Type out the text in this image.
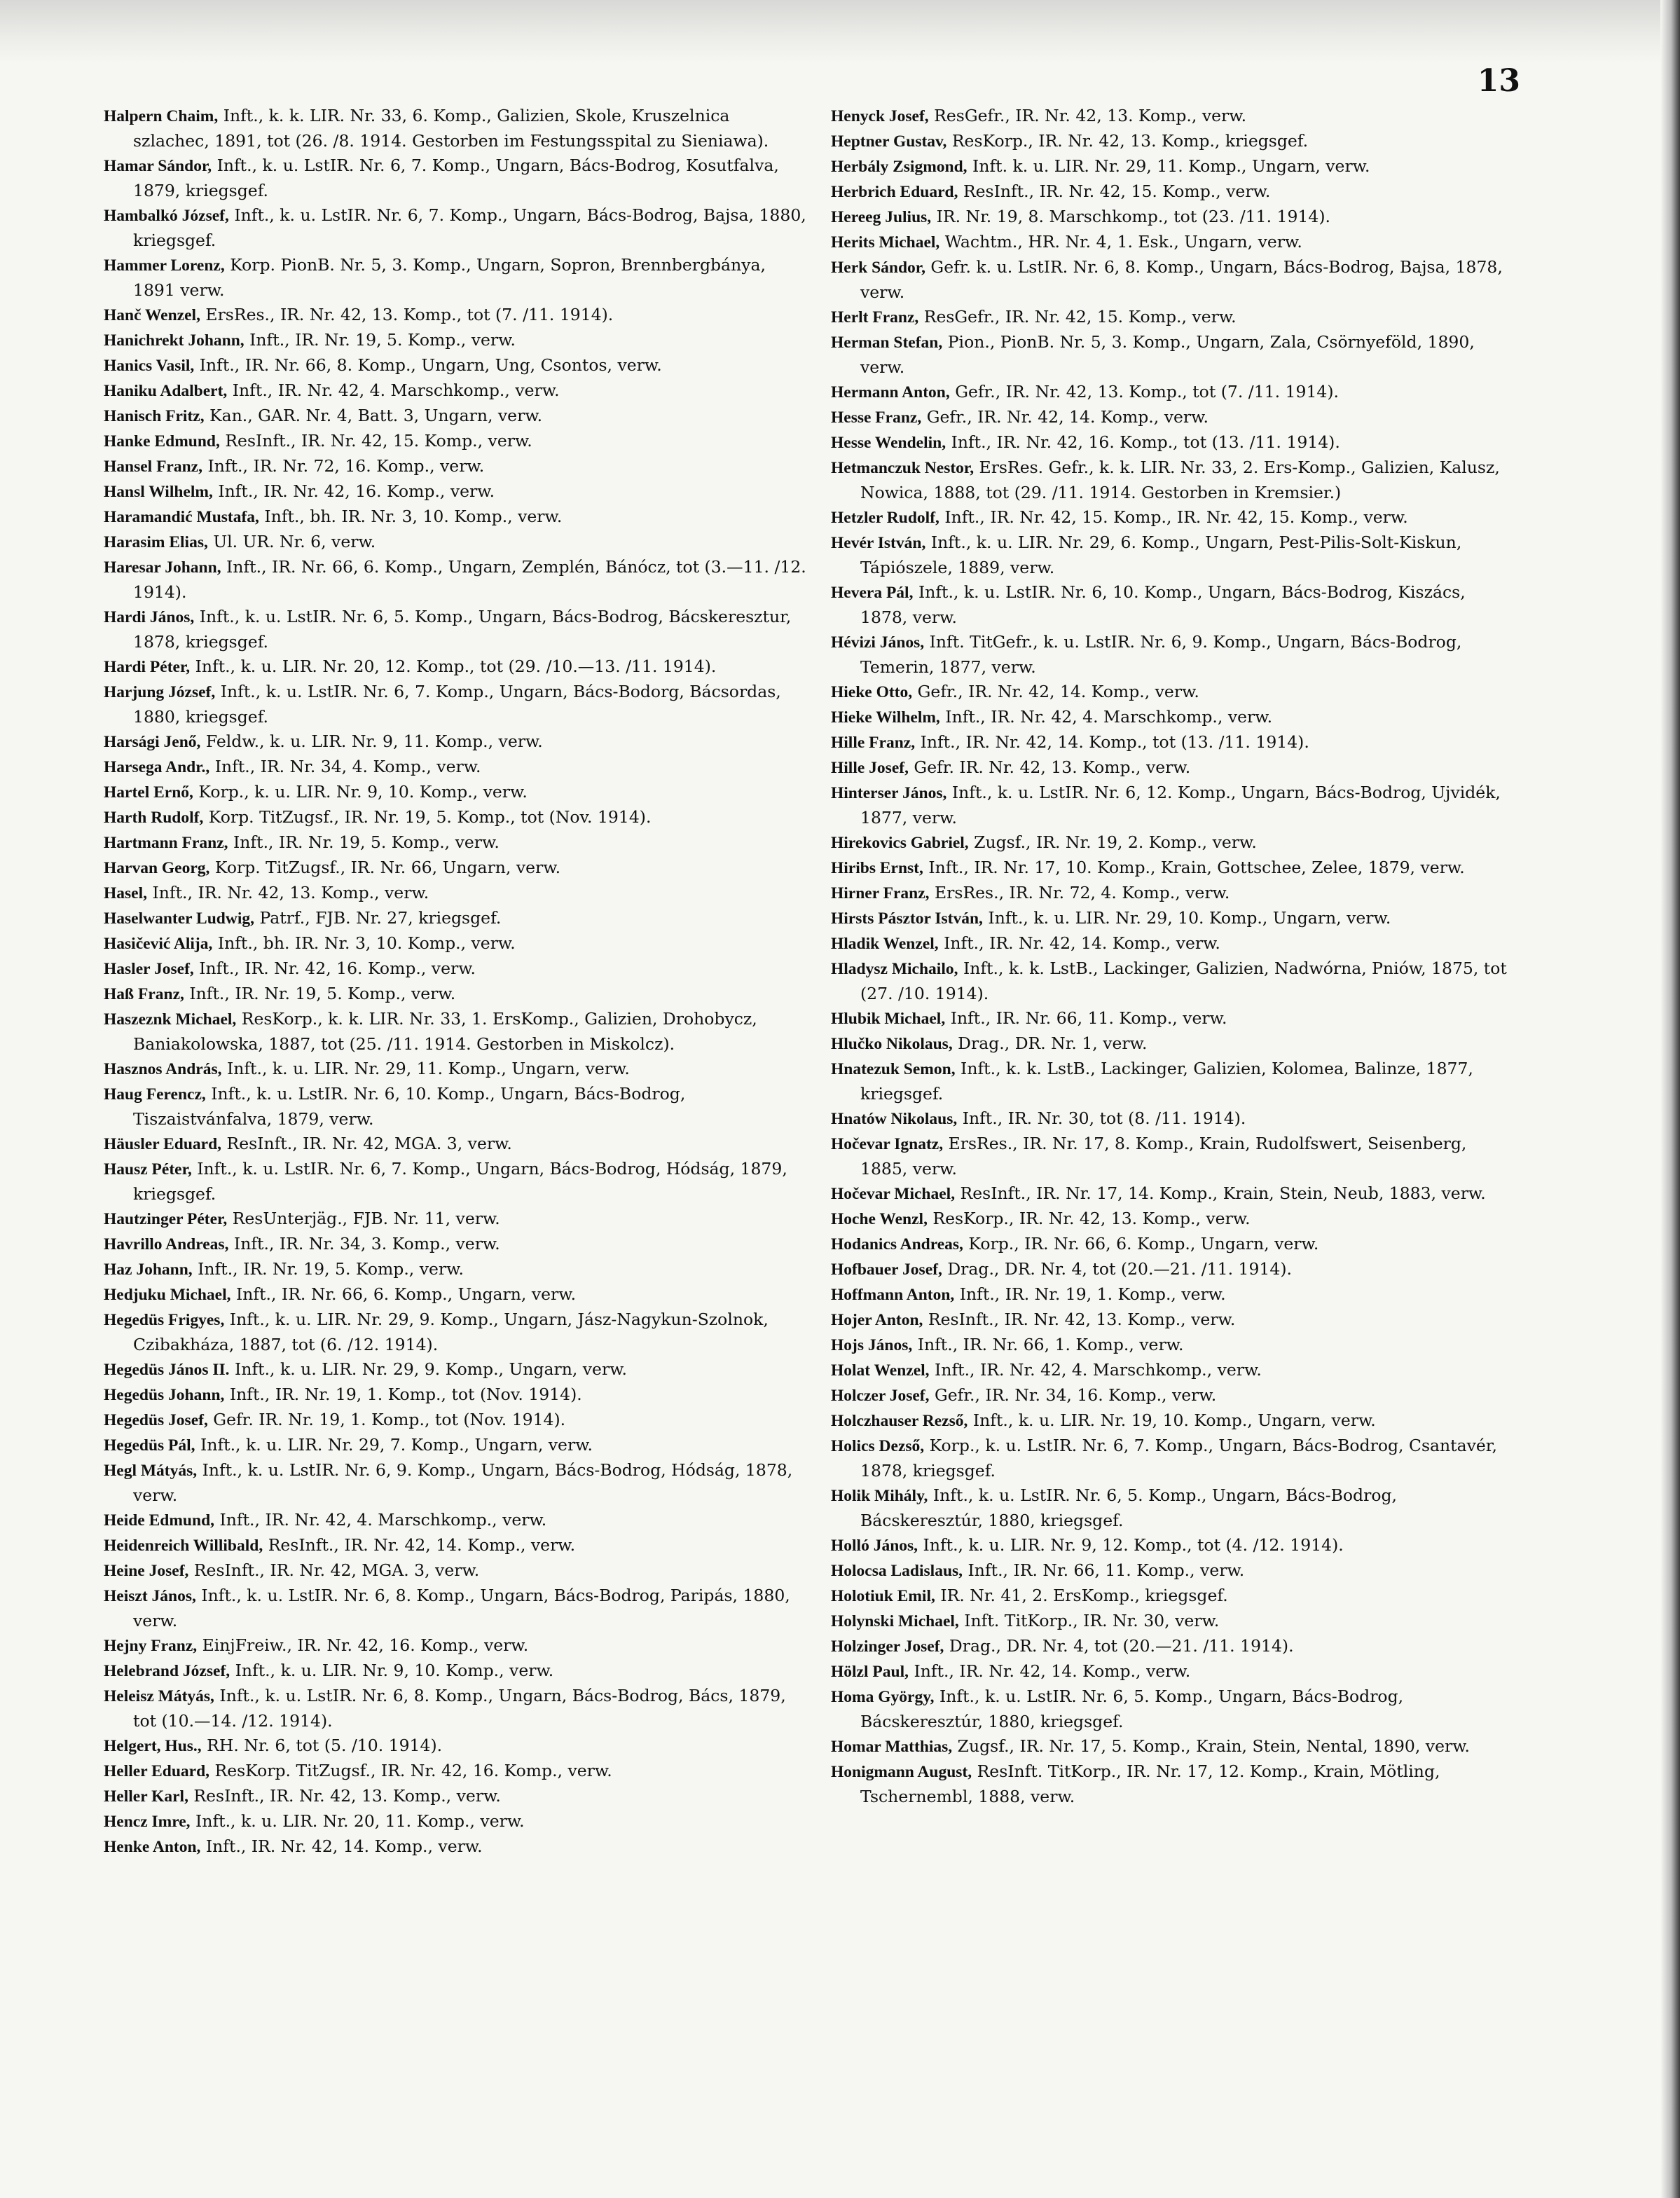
13
Halpern Chaim, Inft., k. k. LIR. Nr. 33, 6. Komp., Galizien, Skole, Kruszelnica szlachec, 1891, tot (26. /8. 1914. Gestorben im Festungsspital zu Sieniawa).
Hamar Sándor, Inft., k. u. LstIR. Nr. 6, 7. Komp., Ungarn, Bács-Bodrog, Kosutfalva, 1879, kriegsgef.
Hambalkó József, Inft., k. u. LstIR. Nr. 6, 7. Komp., Ungarn, Bács-Bodrog, Bajsa, 1880, kriegsgef.
Hammer Lorenz, Korp. PionB. Nr. 5, 3. Komp., Ungarn, Sopron, Brennbergbánya, 1891 verw.
Hanč Wenzel, ErsRes., IR. Nr. 42, 13. Komp., tot (7. /11. 1914).
Hanichrekt Johann, Inft., IR. Nr. 19, 5. Komp., verw.
Hanics Vasil, Inft., IR. Nr. 66, 8. Komp., Ungarn, Ung, Csontos, verw.
Haniku Adalbert, Inft., IR. Nr. 42, 4. Marschkomp., verw.
Hanisch Fritz, Kan., GAR. Nr. 4, Batt. 3, Ungarn, verw.
Hanke Edmund, ResInft., IR. Nr. 42, 15. Komp., verw.
Hansel Franz, Inft., IR. Nr. 72, 16. Komp., verw.
Hansl Wilhelm, Inft., IR. Nr. 42, 16. Komp., verw.
Haramandić Mustafa, Inft., bh. IR. Nr. 3, 10. Komp., verw.
Harasim Elias, Ul. UR. Nr. 6, verw.
Haresar Johann, Inft., IR. Nr. 66, 6. Komp., Ungarn, Zemplén, Bánócz, tot (3.—11. /12. 1914).
Hardi János, Inft., k. u. LstIR. Nr. 6, 5. Komp., Ungarn, Bács-Bodrog, Bácskeresztur, 1878, kriegsgef.
Hardi Péter, Inft., k. u. LIR. Nr. 20, 12. Komp., tot (29. /10.—13. /11. 1914).
Harjung József, Inft., k. u. LstIR. Nr. 6, 7. Komp., Ungarn, Bács-Bodorg, Bácsordas, 1880, kriegsgef.
Harsági Jenő, Feldw., k. u. LIR. Nr. 9, 11. Komp., verw.
Harsega Andr., Inft., IR. Nr. 34, 4. Komp., verw.
Hartel Ernő, Korp., k. u. LIR. Nr. 9, 10. Komp., verw.
Harth Rudolf, Korp. TitZugsf., IR. Nr. 19, 5. Komp., tot (Nov. 1914).
Hartmann Franz, Inft., IR. Nr. 19, 5. Komp., verw.
Harvan Georg, Korp. TitZugsf., IR. Nr. 66, Ungarn, verw.
Hasel, Inft., IR. Nr. 42, 13. Komp., verw.
Haselwanter Ludwig, Patrf., FJB. Nr. 27, kriegsgef.
Hasičević Alija, Inft., bh. IR. Nr. 3, 10. Komp., verw.
Hasler Josef, Inft., IR. Nr. 42, 16. Komp., verw.
Haß Franz, Inft., IR. Nr. 19, 5. Komp., verw.
Haszeznk Michael, ResKorp., k. k. LIR. Nr. 33, 1. ErsKomp., Galizien, Drohobycz, Baniakolowska, 1887, tot (25. /11. 1914. Gestorben in Miskolcz).
Hasznos András, Inft., k. u. LIR. Nr. 29, 11. Komp., Ungarn, verw.
Haug Ferencz, Inft., k. u. LstIR. Nr. 6, 10. Komp., Ungarn, Bács-Bodrog, Tiszaistvánfalva, 1879, verw.
Häusler Eduard, ResInft., IR. Nr. 42, MGA. 3, verw.
Hausz Péter, Inft., k. u. LstIR. Nr. 6, 7. Komp., Ungarn, Bács-Bodrog, Hódság, 1879, kriegsgef.
Hautzinger Péter, ResUnterjäg., FJB. Nr. 11, verw.
Havrillo Andreas, Inft., IR. Nr. 34, 3. Komp., verw.
Haz Johann, Inft., IR. Nr. 19, 5. Komp., verw.
Hedjuku Michael, Inft., IR. Nr. 66, 6. Komp., Ungarn, verw.
Hegedüs Frigyes, Inft., k. u. LIR. Nr. 29, 9. Komp., Ungarn, Jász-Nagykun-Szolnok, Czibakháza, 1887, tot (6. /12. 1914).
Hegedüs János II. Inft., k. u. LIR. Nr. 29, 9. Komp., Ungarn, verw.
Hegedüs Johann, Inft., IR. Nr. 19, 1. Komp., tot (Nov. 1914).
Hegedüs Josef, Gefr. IR. Nr. 19, 1. Komp., tot (Nov. 1914).
Hegedüs Pál, Inft., k. u. LIR. Nr. 29, 7. Komp., Ungarn, verw.
Hegl Mátyás, Inft., k. u. LstIR. Nr. 6, 9. Komp., Ungarn, Bács-Bodrog, Hódság, 1878, verw.
Heide Edmund, Inft., IR. Nr. 42, 4. Marschkomp., verw.
Heidenreich Willibald, ResInft., IR. Nr. 42, 14. Komp., verw.
Heine Josef, ResInft., IR. Nr. 42, MGA. 3, verw.
Heiszt János, Inft., k. u. LstIR. Nr. 6, 8. Komp., Ungarn, Bács-Bodrog, Paripás, 1880, verw.
Hejny Franz, EinjFreiw., IR. Nr. 42, 16. Komp., verw.
Helebrand József, Inft., k. u. LIR. Nr. 9, 10. Komp., verw.
Heleisz Mátyás, Inft., k. u. LstIR. Nr. 6, 8. Komp., Ungarn, Bács-Bodrog, Bács, 1879, tot (10.—14. /12. 1914).
Helgert, Hus., RH. Nr. 6, tot (5. /10. 1914).
Heller Eduard, ResKorp. TitZugsf., IR. Nr. 42, 16. Komp., verw.
Heller Karl, ResInft., IR. Nr. 42, 13. Komp., verw.
Hencz Imre, Inft., k. u. LIR. Nr. 20, 11. Komp., verw.
Henke Anton, Inft., IR. Nr. 42, 14. Komp., verw.
Henyck Josef, ResGefr., IR. Nr. 42, 13. Komp., verw.
Heptner Gustav, ResKorp., IR. Nr. 42, 13. Komp., kriegsgef.
Herbály Zsigmond, Inft. k. u. LIR. Nr. 29, 11. Komp., Ungarn, verw.
Herbrich Eduard, ResInft., IR. Nr. 42, 15. Komp., verw.
Hereeg Julius, IR. Nr. 19, 8. Marschkomp., tot (23. /11. 1914).
Herits Michael, Wachtm., HR. Nr. 4, 1. Esk., Ungarn, verw.
Herk Sándor, Gefr. k. u. LstIR. Nr. 6, 8. Komp., Ungarn, Bács-Bodrog, Bajsa, 1878, verw.
Herlt Franz, ResGefr., IR. Nr. 42, 15. Komp., verw.
Herman Stefan, Pion., PionB. Nr. 5, 3. Komp., Ungarn, Zala, Csörnyeföld, 1890, verw.
Hermann Anton, Gefr., IR. Nr. 42, 13. Komp., tot (7. /11. 1914).
Hesse Franz, Gefr., IR. Nr. 42, 14. Komp., verw.
Hesse Wendelin, Inft., IR. Nr. 42, 16. Komp., tot (13. /11. 1914).
Hetmanczuk Nestor, ErsRes. Gefr., k. k. LIR. Nr. 33, 2. Ers-Komp., Galizien, Kalusz, Nowica, 1888, tot (29. /11. 1914. Gestorben in Kremsier.)
Hetzler Rudolf, Inft., IR. Nr. 42, 15. Komp., IR. Nr. 42, 15. Komp., verw.
Hevér István, Inft., k. u. LIR. Nr. 29, 6. Komp., Ungarn, Pest-Pilis-Solt-Kiskun, Tápiószele, 1889, verw.
Hevera Pál, Inft., k. u. LstIR. Nr. 6, 10. Komp., Ungarn, Bács-Bodrog, Kiszács, 1878, verw.
Hévizi János, Inft. TitGefr., k. u. LstIR. Nr. 6, 9. Komp., Ungarn, Bács-Bodrog, Temerin, 1877, verw.
Hieke Otto, Gefr., IR. Nr. 42, 14. Komp., verw.
Hieke Wilhelm, Inft., IR. Nr. 42, 4. Marschkomp., verw.
Hille Franz, Inft., IR. Nr. 42, 14. Komp., tot (13. /11. 1914).
Hille Josef, Gefr. IR. Nr. 42, 13. Komp., verw.
Hinterser János, Inft., k. u. LstIR. Nr. 6, 12. Komp., Ungarn, Bács-Bodrog, Ujvidék, 1877, verw.
Hirekovics Gabriel, Zugsf., IR. Nr. 19, 2. Komp., verw.
Hiribs Ernst, Inft., IR. Nr. 17, 10. Komp., Krain, Gottschee, Zelee, 1879, verw.
Hirner Franz, ErsRes., IR. Nr. 72, 4. Komp., verw.
Hirsts Pásztor István, Inft., k. u. LIR. Nr. 29, 10. Komp., Ungarn, verw.
Hladik Wenzel, Inft., IR. Nr. 42, 14. Komp., verw.
Hladysz Michailo, Inft., k. k. LstB., Lackinger, Galizien, Nadwórna, Pniów, 1875, tot (27. /10. 1914).
Hlubik Michael, Inft., IR. Nr. 66, 11. Komp., verw.
Hlučko Nikolaus, Drag., DR. Nr. 1, verw.
Hnatezuk Semon, Inft., k. k. LstB., Lackinger, Galizien, Kolomea, Balinze, 1877, kriegsgef.
Hnatów Nikolaus, Inft., IR. Nr. 30, tot (8. /11. 1914).
Hočevar Ignatz, ErsRes., IR. Nr. 17, 8. Komp., Krain, Rudolfswert, Seisenberg, 1885, verw.
Hočevar Michael, ResInft., IR. Nr. 17, 14. Komp., Krain, Stein, Neub, 1883, verw.
Hoche Wenzl, ResKorp., IR. Nr. 42, 13. Komp., verw.
Hodanics Andreas, Korp., IR. Nr. 66, 6. Komp., Ungarn, verw.
Hofbauer Josef, Drag., DR. Nr. 4, tot (20.—21. /11. 1914).
Hoffmann Anton, Inft., IR. Nr. 19, 1. Komp., verw.
Hojer Anton, ResInft., IR. Nr. 42, 13. Komp., verw.
Hojs János, Inft., IR. Nr. 66, 1. Komp., verw.
Holat Wenzel, Inft., IR. Nr. 42, 4. Marschkomp., verw.
Holczer Josef, Gefr., IR. Nr. 34, 16. Komp., verw.
Holczhauser Rezső, Inft., k. u. LIR. Nr. 19, 10. Komp., Ungarn, verw.
Holics Dezső, Korp., k. u. LstIR. Nr. 6, 7. Komp., Ungarn, Bács-Bodrog, Csantavér, 1878, kriegsgef.
Holik Mihály, Inft., k. u. LstIR. Nr. 6, 5. Komp., Ungarn, Bács-Bodrog, Bácskeresztúr, 1880, kriegsgef.
Holló János, Inft., k. u. LIR. Nr. 9, 12. Komp., tot (4. /12. 1914).
Holocsa Ladislaus, Inft., IR. Nr. 66, 11. Komp., verw.
Holotiuk Emil, IR. Nr. 41, 2. ErsKomp., kriegsgef.
Holynski Michael, Inft. TitKorp., IR. Nr. 30, verw.
Holzinger Josef, Drag., DR. Nr. 4, tot (20.—21. /11. 1914).
Hölzl Paul, Inft., IR. Nr. 42, 14. Komp., verw.
Homa György, Inft., k. u. LstIR. Nr. 6, 5. Komp., Ungarn, Bács-Bodrog, Bácskeresztúr, 1880, kriegsgef.
Homar Matthias, Zugsf., IR. Nr. 17, 5. Komp., Krain, Stein, Nental, 1890, verw.
Honigmann August, ResInft. TitKorp., IR. Nr. 17, 12. Komp., Krain, Mötling, Tschernembl, 1888, verw.
